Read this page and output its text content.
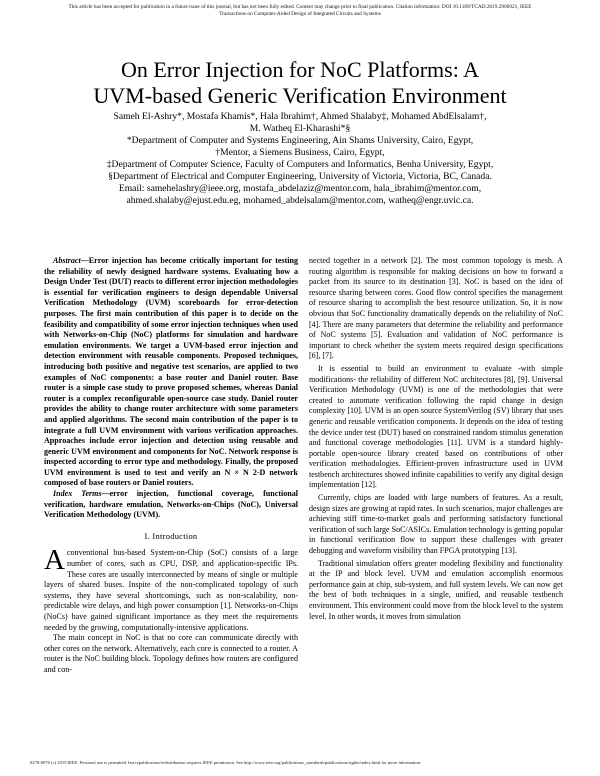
This article has been accepted for publication in a future issue of this journal, but has not been fully edited. Content may change prior to final publication. Citation information: DOI 10.1109/TCAD.2019.2906921, IEEE
Transactions on Computer-Aided Design of Integrated Circuits and Systems
On Error Injection for NoC Platforms: A
UVM-based Generic Verification Environment
Sameh El-Ashry*, Mostafa Khamis*, Hala Ibrahim†, Ahmed Shalaby‡, Mohamed AbdElsalam†,
M. Watheq El-Kharashi*§
*Department of Computer and Systems Engineering, Ain Shams University, Cairo, Egypt,
†Mentor, a Siemens Business, Cairo, Egypt,
‡Department of Computer Science, Faculty of Computers and Informatics, Benha University, Egypt,
§Department of Electrical and Computer Engineering, University of Victoria, Victoria, BC, Canada.
Email: samehelashry@ieee.org, mostafa_abdelaziz@mentor.com, hala_ibrahim@mentor.com,
ahmed.shalaby@ejust.edu.eg, mohamed_abdelsalam@mentor.com, watheq@engr.uvic.ca.

Abstract—Error injection has become critically important for testing the reliability of newly designed hardware systems. Evaluating how a Design Under Test (DUT) reacts to different error injection methodologies is essential for verification engineers to design dependable Universal Verification Methodology (UVM) scoreboards for error-detection purposes. The first main contribution of this paper is to decide on the feasibility and compatibility of some error injection techniques when used with Networks-on-Chip (NoC) platforms for simulation and hardware emulation environments. We target a UVM-based error injection and detection environment with reusable components. Proposed techniques, introducing both positive and negative test scenarios, are applied to two examples of NoC components: a base router and Daniel router. Base router is a simple case study to prove proposed schemes, whereas Danial router is a complex reconfigurable open-source case study. Daniel router provides the ability to change router architecture with some parameters and applied algorithms. The second main contribution of the paper is to integrate a full UVM environment with various verification approaches. Approaches include error injection and detection using reusable and generic UVM environment and components for NoC. Network response is inspected according to error type and methodology. Finally, the proposed UVM environment is used to test and verify an N × N 2-D network composed of base routers or Daniel routers.

Index Terms—error injection, functional coverage, functional verification, hardware emulation, Networks-on-Chips (NoC), Universal Verification Methodology (UVM).

I. Introduction

Aconventional bus-based System-on-Chip (SoC) consists of a large number of cores, such as CPU, DSP, and application-specific IPs. These cores are usually interconnected by means of single or multiple layers of shared buses. Inspite of the non-complicated topology of such systems, they have several shortcomings, such as non-scalability, non-predictable wire delays, and high power consumption [1]. Networks-on-Chips (NoCs) have gained significant importance as they meet the requirements needed by the growing, computationally-intensive applications.

The main concept in NoC is that no core can communicate directly with other cores on the network. Alternatively, each core is connected to a router. A router is the NoC building block. Topology defines how routers are configured and con-

nected together in a network [2]. The most common topology is mesh. A routing algorithm is responsible for making decisions on how to forward a packet from its source to its destination [3]. NoC is based on the idea of resource sharing between cores. Good flow control specifies the management of resource sharing to accomplish the best resource utilization. So, it is now obvious that SoC functionality dramatically depends on the reliability of NoC [4]. There are many parameters that determine the reliability and performance of NoC systems [5]. Evaluation and validation of NoC performance is important to check whether the system meets required design specifications [6], [7].

It is essential to build an environment to evaluate -with simple modifications- the reliability of different NoC architectures [8], [9]. Universal Verification Methodology (UVM) is one of the methodologies that were created to automate verification following the rapid change in design complexity [10]. UVM is an open source SystemVerilog (SV) library that uses generic and reusable verification components. It depends on the idea of testing the device under test (DUT) based on constrained random stimulus generation and functional coverage methodologies [11]. UVM is a standard highly-portable open-source library created based on contributions of other verification methodologies. Efficient-proven infrastructure used in UVM testbench architectures showed infinite capabilities to verify any digital design implementation [12].

Currently, chips are loaded with large numbers of features. As a result, design sizes are growing at rapid rates. In such scenarios, major challenges are achieving stiff time-to-market goals and performing satisfactory functional verification of such large SoC/ASICs. Emulation technology is getting popular in functional verification flow to support these challenges with greater debugging and waveform visibility than FPGA prototyping [13].

Traditional simulation offers greater modeling flexibility and functionality at the IP and block level. UVM and emulation accomplish enormous performance gain at chip, sub-system, and full system levels. We can now get the best of both techniques in a single, unified, and reusable testbench environment. This environment could move from the block level to the system level. In other words, it moves from simulation

0278-0070 (c) 2019 IEEE. Personal use is permitted, but republication/redistribution requires IEEE permission. See http://www.ieee.org/publications_standards/publications/rights/index.html for more information.
